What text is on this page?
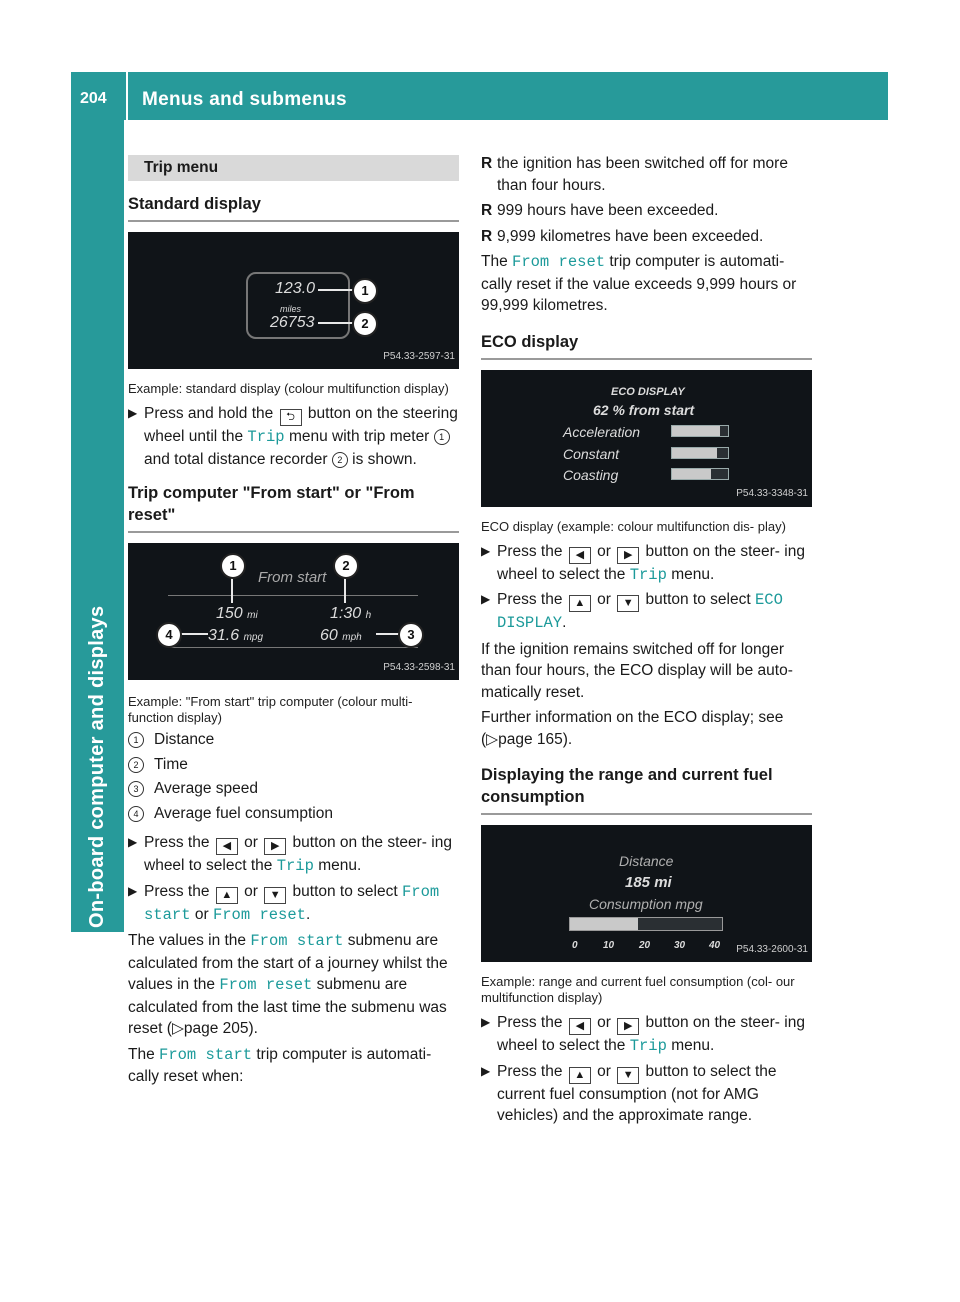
204 Menus and submenus
On-board computer and displays
Trip menu
Standard display
123.0
miles
26753
1
2
P54.33-2597-31

Example: standard display (colour multifunction display)

▶ Press and hold the ⮌ button on the steering wheel until the Trip menu with trip meter 1 and total distance recorder 2 is shown.

Trip computer "From start" or "From reset"
From start
150 mi	1:30 h
31.6 mpg	60 mph
1	2
3
4
P54.33-2598-31

Example: "From start" trip computer (colour multi- function display)

1	Distance

2	Time

3	Average speed

4	Average fuel consumption

▶ Press the ◀ or ▶ button on the steer- ing wheel to select the Trip menu.

▶ Press the ▲ or ▼ button to select From start or From reset.

The values in the From start submenu are calculated from the start of a journey whilst the values in the From reset submenu are calculated from the last time the submenu was reset (▷page 205).

The From start trip computer is automati- cally reset when:

R the ignition has been switched off for more than four hours.

R 999 hours have been exceeded.

R 9,999 kilometres have been exceeded.

The From reset trip computer is automati- cally reset if the value exceeds 9,999 hours or 99,999 kilometres.

ECO display
ECO DISPLAY
62 % from start
Acceleration
Constant
Coasting
P54.33-3348-31

ECO display (example: colour multifunction dis- play)

▶ Press the ◀ or ▶ button on the steer- ing wheel to select the Trip menu.

▶ Press the ▲ or ▼ button to select ECO DISPLAY.

If the ignition remains switched off for longer than four hours, the ECO display will be auto- matically reset.

Further information on the ECO display; see (▷page 165).

Displaying the range and current fuel consumption
Distance
185 mi
Consumption mpg
0	10 20 30 40 P54.33-2600-31

Example: range and current fuel consumption (col- our multifunction display)

▶ Press the ◀ or ▶ button on the steer- ing wheel to select the Trip menu.

▶ Press the ▲ or ▼ button to select the current fuel consumption (not for AMG vehicles) and the approximate range.
